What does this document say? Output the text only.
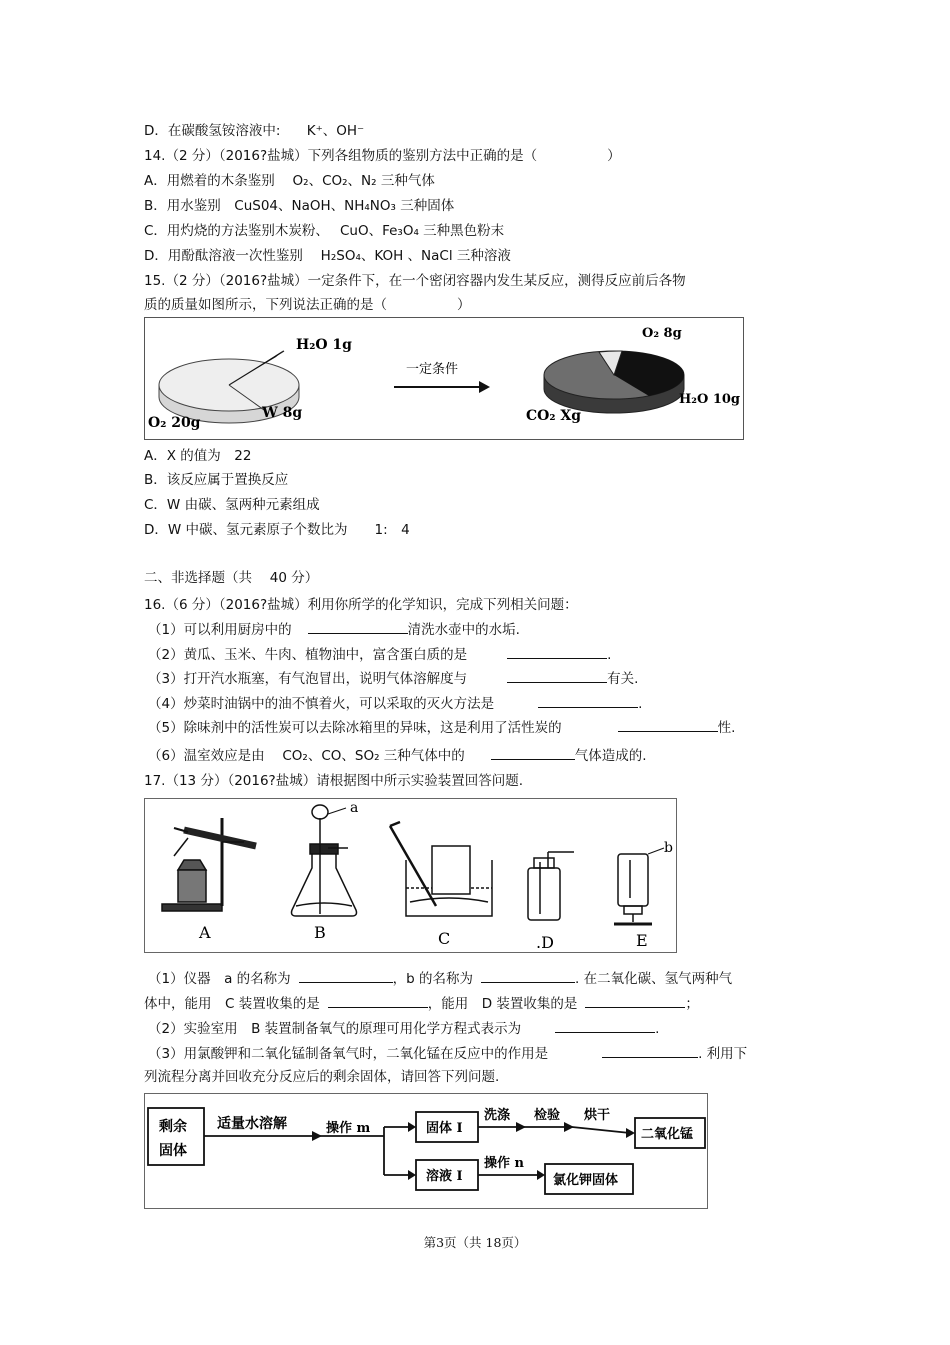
D．在碳酸氢铵溶液中: K⁺、OH⁻
14.（2 分）（2016?盐城）下列各组物质的鉴别方法中正确的是（	）
A．用燃着的木条鉴别　 O₂、CO₂、N₂ 三种气体
B．用水鉴别　CuS04、NaOH、NH₄NO₃ 三种固体
C．用灼烧的方法鉴别木炭粉、　 CuO、Fe₃O₄ 三种黑色粉末
D．用酚酞溶液一次性鉴别　 H₂SO₄、KOH 、NaCl 三种溶液
15.（2 分）（2016?盐城）一定条件下，在一个密闭容器内发生某反应，测得反应前后各物
质的质量如图所示，下列说法正确的是（	）
H₂O 1g
O₂ 20g
W 8g
一定条件
O₂ 8g
H₂O 10g
CO₂ Xg
A．X 的值为　22
B．该反应属于置换反应
C．W 由碳、氢两种元素组成
D．W 中碳、氢元素原子个数比为　　1:　4
二、非选择题（共　 40 分）
16.（6 分）（2016?盐城）利用你所学的化学知识，完成下列相关问题：
（1）可以利用厨房中的	清洗水壶中的水垢.
（2）黄瓜、玉米、牛肉、植物油中，富含蛋白质的是	.
（3）打开汽水瓶塞，有气泡冒出，说明气体溶解度与	有关.
（4）炒菜时油锅中的油不慎着火，可以采取的灭火方法是	.
（5）除味剂中的活性炭可以去除冰箱里的异味，这是利用了活性炭的	性.
（6）温室效应是由　 CO₂、CO、SO₂ 三种气体中的	气体造成的.
17.（13 分）（2016?盐城）请根据图中所示实验装置回答问题.
A
a
B	C	.D
b
E
（1）仪器　a 的名称为	，b 的名称为	. 在二氧化碳、氢气两种气
体中，能用　C 装置收集的是	，能用　D 装置收集的是	；
（2）实验室用　B 装置制备氧气的原理可用化学方程式表示为	.
（3）用氯酸钾和二氧化锰制备氧气时，二氧化锰在反应中的作用是	. 利用下
列流程分离并回收充分反应后的剩余固体，请回答下列问题.
剩余
固体
适量水溶解	操作 m	固体 I
溶液 I
洗涤 检验 烘干
二氧化锰
操作 n
氯化钾固体
第3页（共 18页）
